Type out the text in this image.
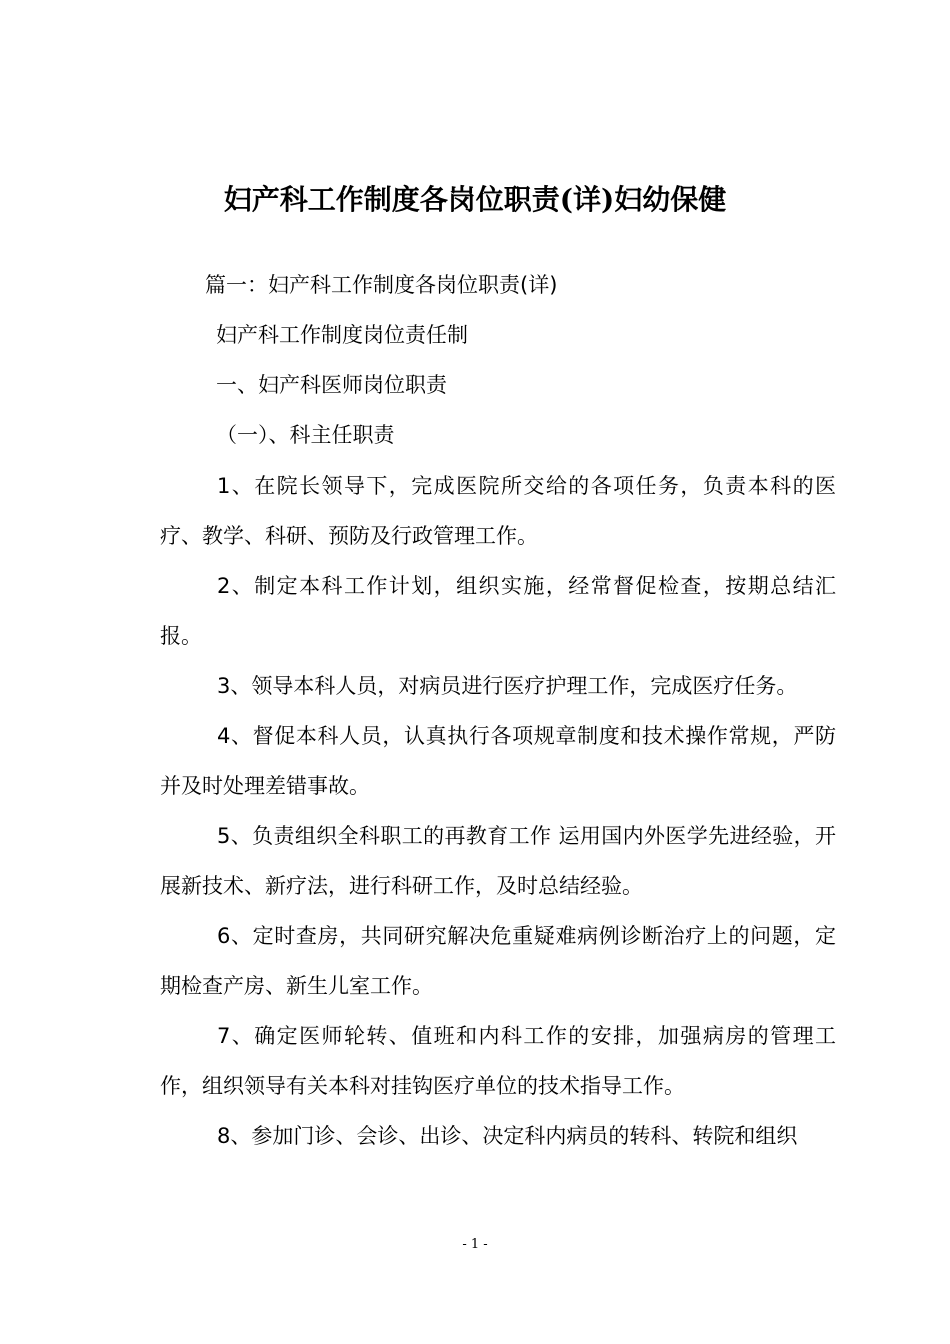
妇产科工作制度各岗位职责(详)妇幼保健
篇一：妇产科工作制度各岗位职责(详)
妇产科工作制度岗位责任制
一、妇产科医师岗位职责
（一）、科主任职责
1、在院长领导下，完成医院所交给的各项任务，负责本科的医疗、教学、科研、预防及行政管理工作。
2、制定本科工作计划，组织实施，经常督促检查，按期总结汇报。
3、领导本科人员，对病员进行医疗护理工作，完成医疗任务。
4、督促本科人员，认真执行各项规章制度和技术操作常规，严防并及时处理差错事故。
5、负责组织全科职工的再教育工作 运用国内外医学先进经验，开展新技术、新疗法，进行科研工作，及时总结经验。
6、定时查房，共同研究解决危重疑难病例诊断治疗上的问题，定期检查产房、新生儿室工作。
7、确定医师轮转、值班和内科工作的安排，加强病房的管理工作，组织领导有关本科对挂钩医疗单位的技术指导工作。
8、参加门诊、会诊、出诊、决定科内病员的转科、转院和组织
- 1 -
